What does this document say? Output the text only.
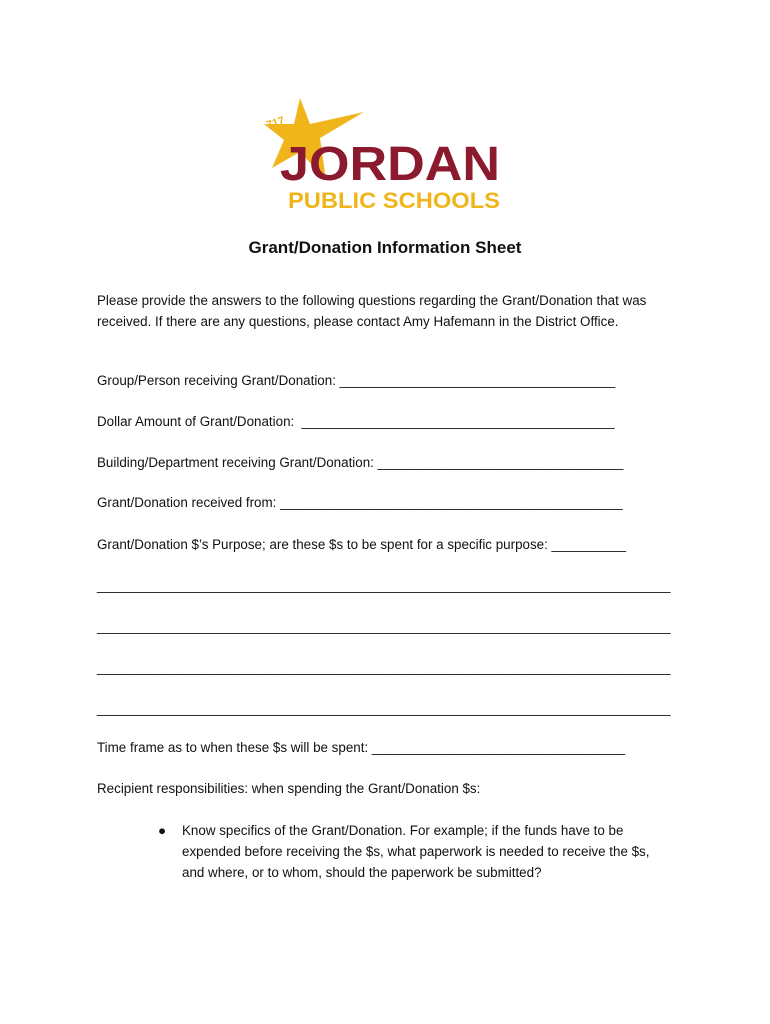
717
JORDAN
PUBLIC SCHOOLS
Grant/Donation Information Sheet
Please provide the answers to the following questions regarding the Grant/Donation that was received. If there are any questions, please contact Amy Hafemann in the District Office.
Group/Person receiving Grant/Donation: _____________________________________
Dollar Amount of Grant/Donation:  __________________________________________
Building/Department receiving Grant/Donation: _________________________________
Grant/Donation received from: ______________________________________________
Grant/Donation $’s Purpose; are these $s to be spent for a specific purpose: __________
_____________________________________________________________________________
_____________________________________________________________________________
_____________________________________________________________________________
_____________________________________________________________________________
Time frame as to when these $s will be spent: __________________________________
Recipient responsibilities: when spending the Grant/Donation $s:
●	Know specifics of the Grant/Donation. For example; if the funds have to be expended before receiving the $s, what paperwork is needed to receive the $s, and where, or to whom, should the paperwork be submitted?
